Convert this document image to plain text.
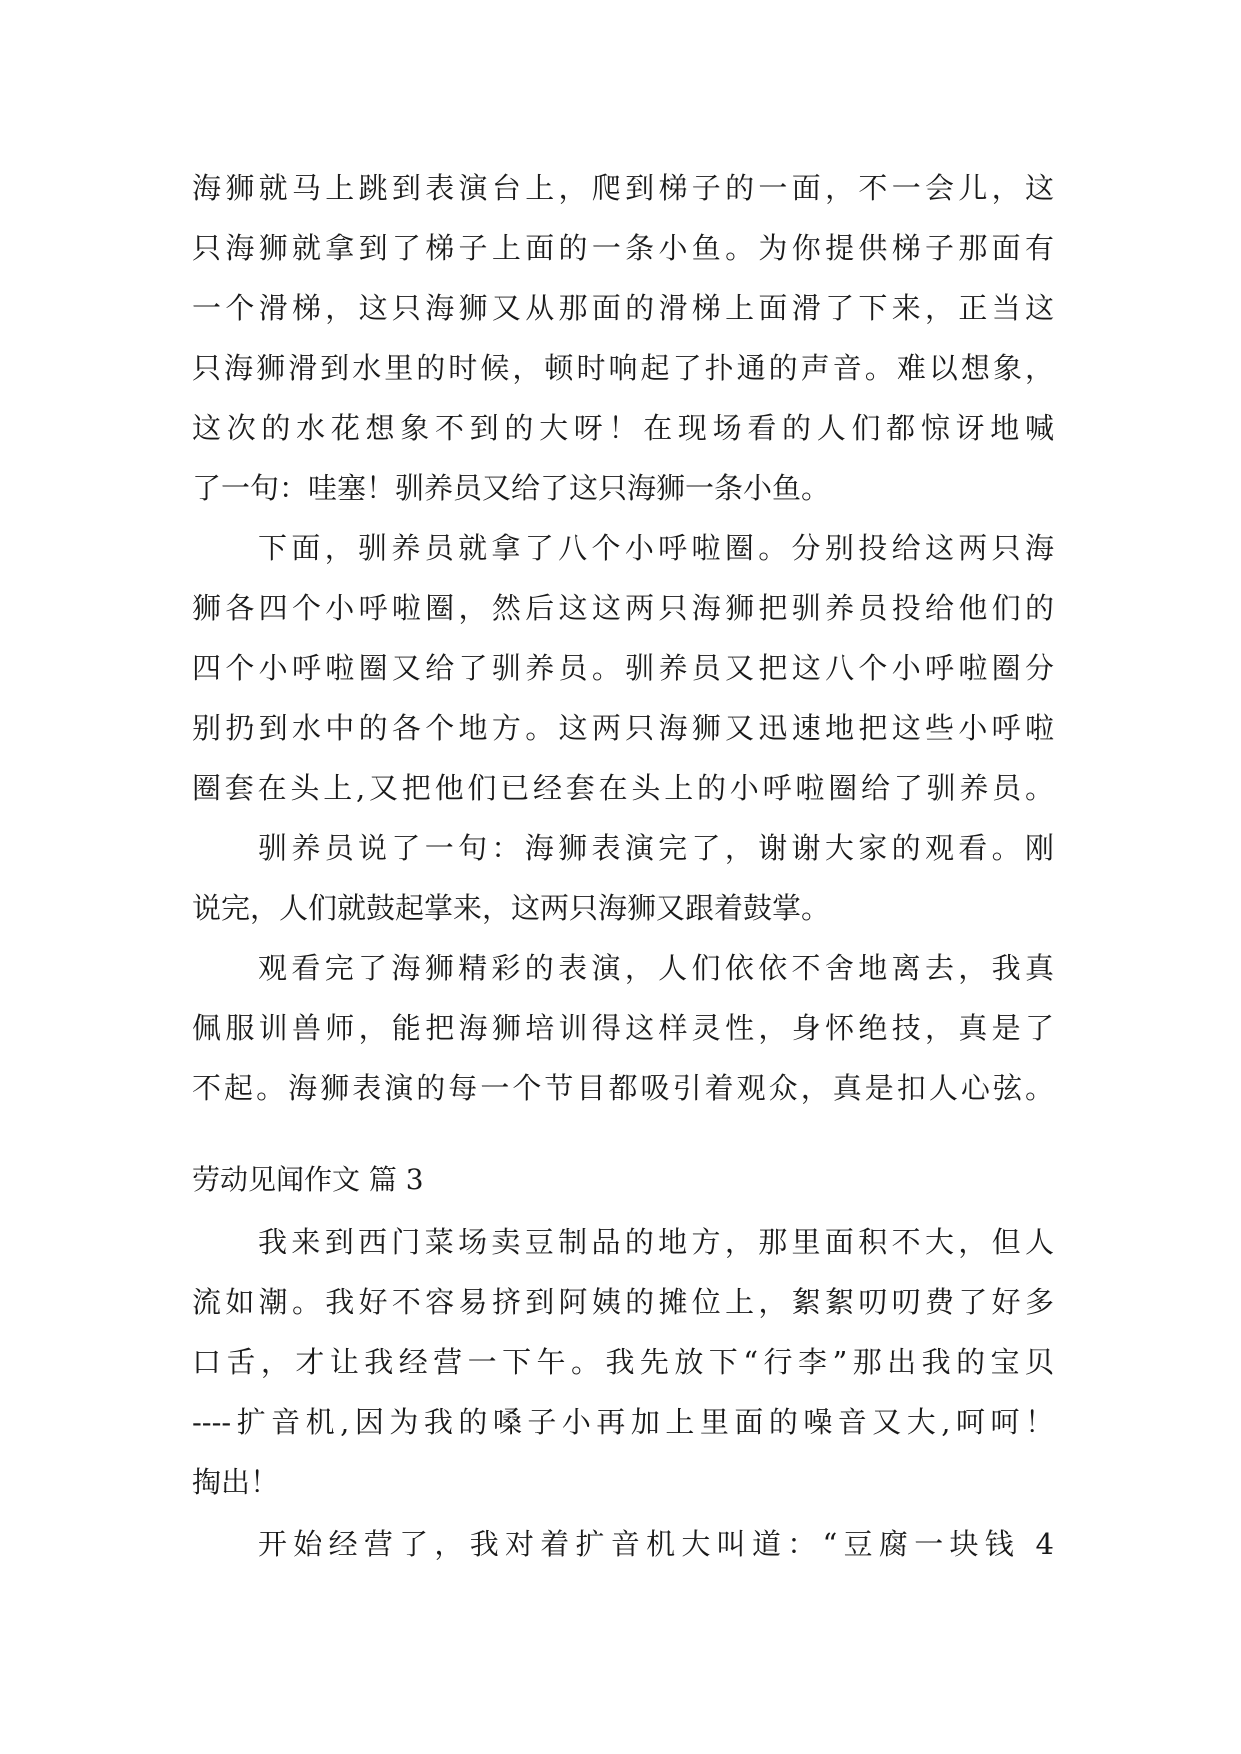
海狮就马上跳到表演台上，爬到梯子的一面，不一会儿，这
只海狮就拿到了梯子上面的一条小鱼。为你提供梯子那面有
一个滑梯，这只海狮又从那面的滑梯上面滑了下来，正当这
只海狮滑到水里的时候，顿时响起了扑通的声音。难以想象，
这次的水花想象不到的大呀！在现场看的人们都惊讶地喊
了一句：哇塞！驯养员又给了这只海狮一条小鱼。
下面，驯养员就拿了八个小呼啦圈。分别投给这两只海
狮各四个小呼啦圈，然后这这两只海狮把驯养员投给他们的
四个小呼啦圈又给了驯养员。驯养员又把这八个小呼啦圈分
别扔到水中的各个地方。这两只海狮又迅速地把这些小呼啦
圈套在头上,又把他们已经套在头上的小呼啦圈给了驯养员。
驯养员说了一句：海狮表演完了，谢谢大家的观看。刚
说完，人们就鼓起掌来，这两只海狮又跟着鼓掌。
观看完了海狮精彩的表演，人们依依不舍地离去，我真
佩服训兽师，能把海狮培训得这样灵性，身怀绝技，真是了
不起。海狮表演的每一个节目都吸引着观众，真是扣人心弦。
劳动见闻作文 篇 3
我来到西门菜场卖豆制品的地方，那里面积不大，但人
流如潮。我好不容易挤到阿姨的摊位上，絮絮叨叨费了好多
口舌，才让我经营一下午。我先放下“行李”那出我的宝贝
----扩音机,因为我的嗓子小再加上里面的噪音又大,呵呵！
掏出！
开始经营了，我对着扩音机大叫道：“豆腐一块钱 4
